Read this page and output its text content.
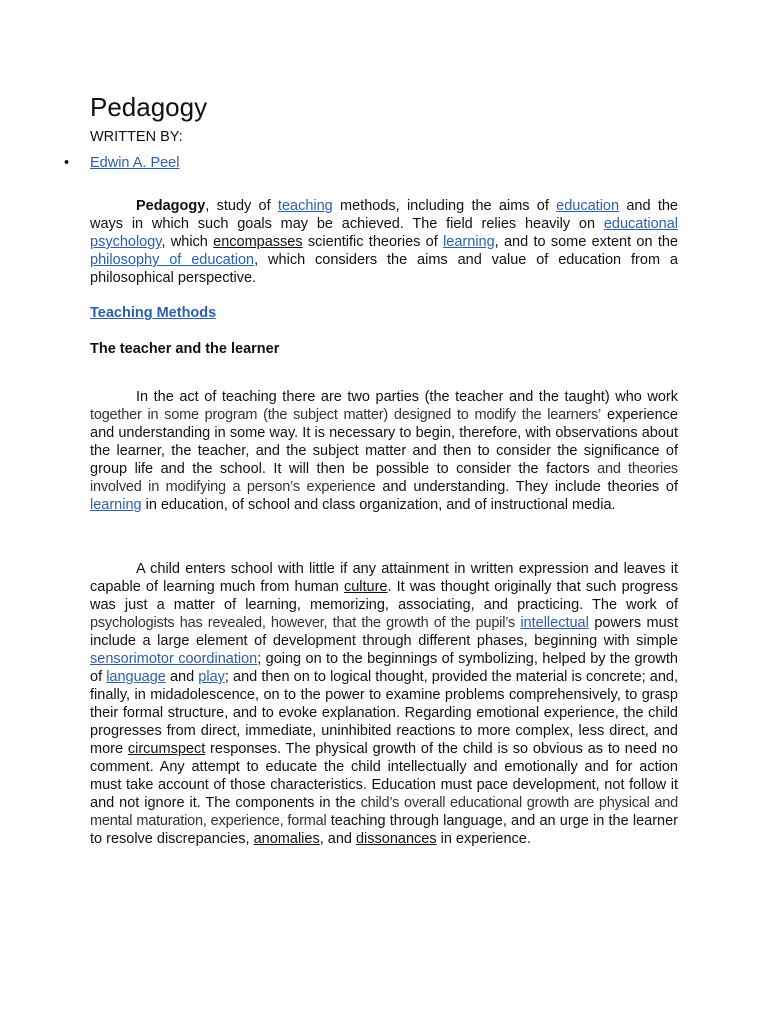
Pedagogy
WRITTEN BY:
• Edwin A. Peel

Pedagogy, study of teaching methods, including the aims of education and the ways in which such goals may be achieved. The field relies heavily on educational psychology, which encompasses scientific theories of learning, and to some extent on the philosophy of education, which considers the aims and value of education from a philosophical perspective.

Teaching Methods
The teacher and the learner

In the act of teaching there are two parties (the teacher and the taught) who work together in some program (the subject matter) designed to modify the learners’ experience and understanding in some way. It is necessary to begin, therefore, with observations about the learner, the teacher, and the subject matter and then to consider the significance of group life and the school. It will then be possible to consider the factors and theories involved in modifying a person’s experience and understanding. They include theories of learning in education, of school and class organization, and of instructional media.

A child enters school with little if any attainment in written expression and leaves it capable of learning much from human culture. It was thought originally that such progress was just a matter of learning, memorizing, associating, and practicing. The work of psychologists has revealed, however, that the growth of the pupil’s intellectual powers must include a large element of development through different phases, beginning with simple sensorimotor coordination; going on to the beginnings of symbolizing, helped by the growth of language and play; and then on to logical thought, provided the material is concrete; and, finally, in midadolescence, on to the power to examine problems comprehensively, to grasp their formal structure, and to evoke explanation. Regarding emotional experience, the child progresses from direct, immediate, uninhibited reactions to more complex, less direct, and more circumspect responses. The physical growth of the child is so obvious as to need no comment. Any attempt to educate the child intellectually and emotionally and for action must take account of those characteristics. Education must pace development, not follow it and not ignore it. The components in the child’s overall educational growth are physical and mental maturation, experience, formal teaching through language, and an urge in the learner to resolve discrepancies, anomalies, and dissonances in experience.
